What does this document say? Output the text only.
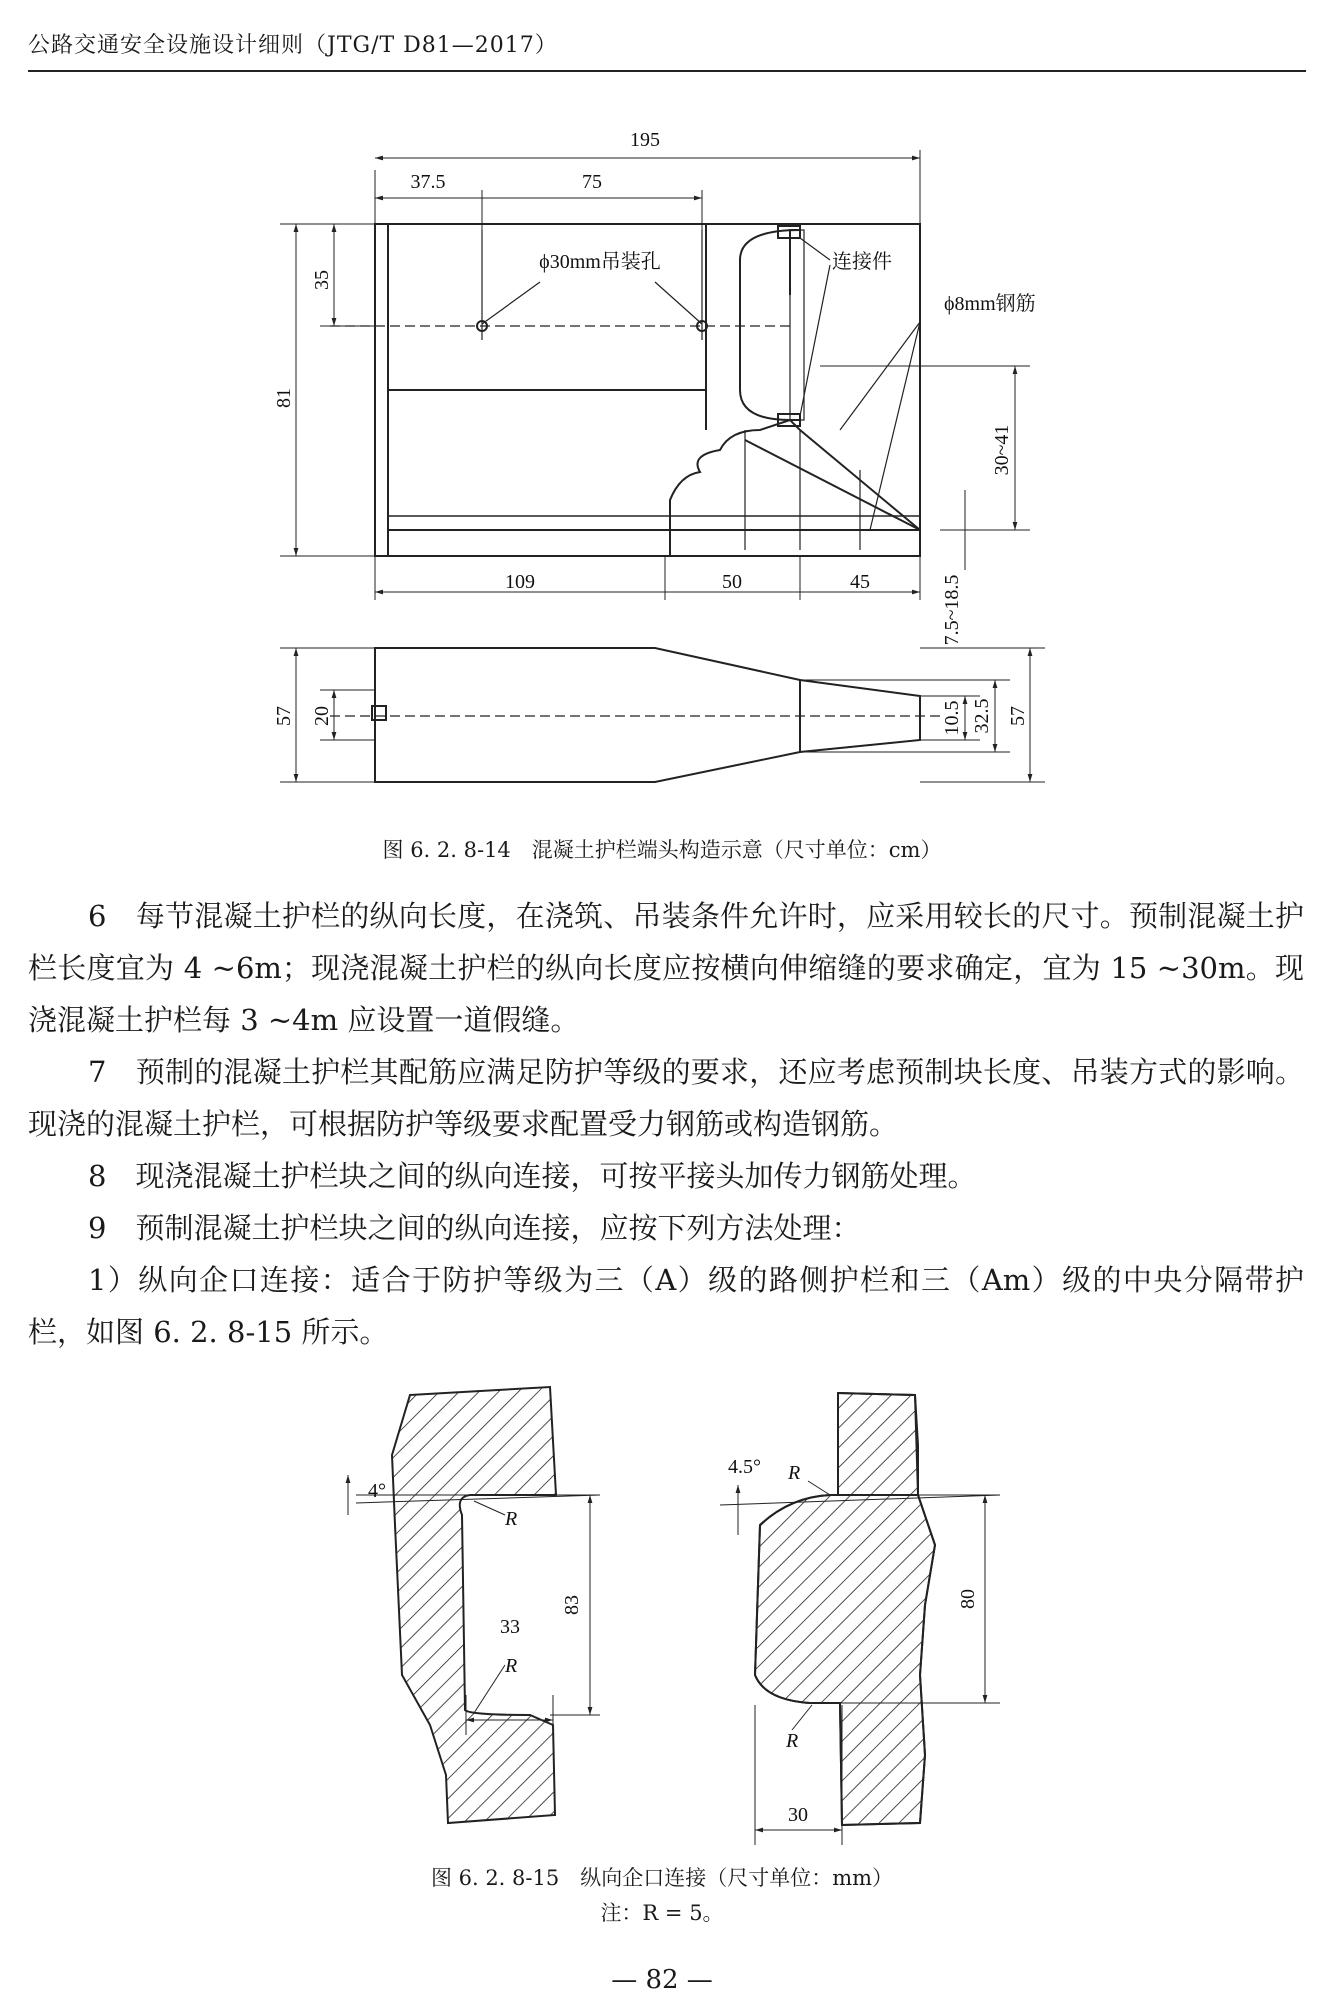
公路交通安全设施设计细则（JTG/T D81—2017）
195
37.5	75
81
35
109	50	45
30~41
7.5~18.5
ϕ30mm吊装孔	连接件
ϕ8mm钢筋
57 20	10.5 32.5 57
图 6. 2. 8-14　混凝土护栏端头构造示意（尺寸单位：cm）

6　每节混凝土护栏的纵向长度，在浇筑、吊装条件允许时，应采用较长的尺寸。预制混凝土护栏长度宜为 4 ~6m；现浇混凝土护栏的纵向长度应按横向伸缩缝的要求确定，宜为 15 ~30m。现浇混凝土护栏每 3 ~4m 应设置一道假缝。

7　预制的混凝土护栏其配筋应满足防护等级的要求，还应考虑预制块长度、吊装方式的影响。现浇的混凝土护栏，可根据防护等级要求配置受力钢筋或构造钢筋。

8　现浇混凝土护栏块之间的纵向连接，可按平接头加传力钢筋处理。

9　预制混凝土护栏块之间的纵向连接，应按下列方法处理：

1）纵向企口连接：适合于防护等级为三（A）级的路侧护栏和三（Am）级的中央分隔带护栏，如图 6. 2. 8-15 所示。

4°
R
R
33
83
4.5° R
R
30
80
图 6. 2. 8-15　纵向企口连接（尺寸单位：mm）
注：R = 5。
— 82 —
